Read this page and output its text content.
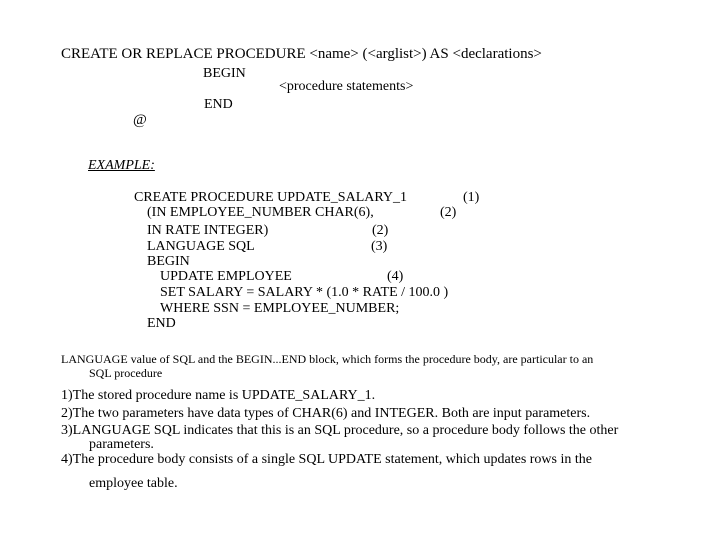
CREATE OR REPLACE PROCEDURE <name> (<arglist>) AS <declarations>
BEGIN
<procedure statements>
END
@
EXAMPLE:
CREATE PROCEDURE UPDATE_SALARY_1	(1)
(IN EMPLOYEE_NUMBER CHAR(6),	(2)
IN RATE INTEGER)	(2)
LANGUAGE SQL	(3)
BEGIN
UPDATE EMPLOYEE	(4)
SET SALARY = SALARY * (1.0 * RATE / 100.0 )
WHERE SSN = EMPLOYEE_NUMBER;
END
LANGUAGE value of SQL and the BEGIN...END block, which forms the procedure body, are particular to an
SQL procedure
1)The stored procedure name is UPDATE_SALARY_1.
2)The two parameters have data types of CHAR(6) and INTEGER. Both are input parameters.
3)LANGUAGE SQL indicates that this is an SQL procedure, so a procedure body follows the other
parameters.
4)The procedure body consists of a single SQL UPDATE statement, which updates rows in the
employee table.
